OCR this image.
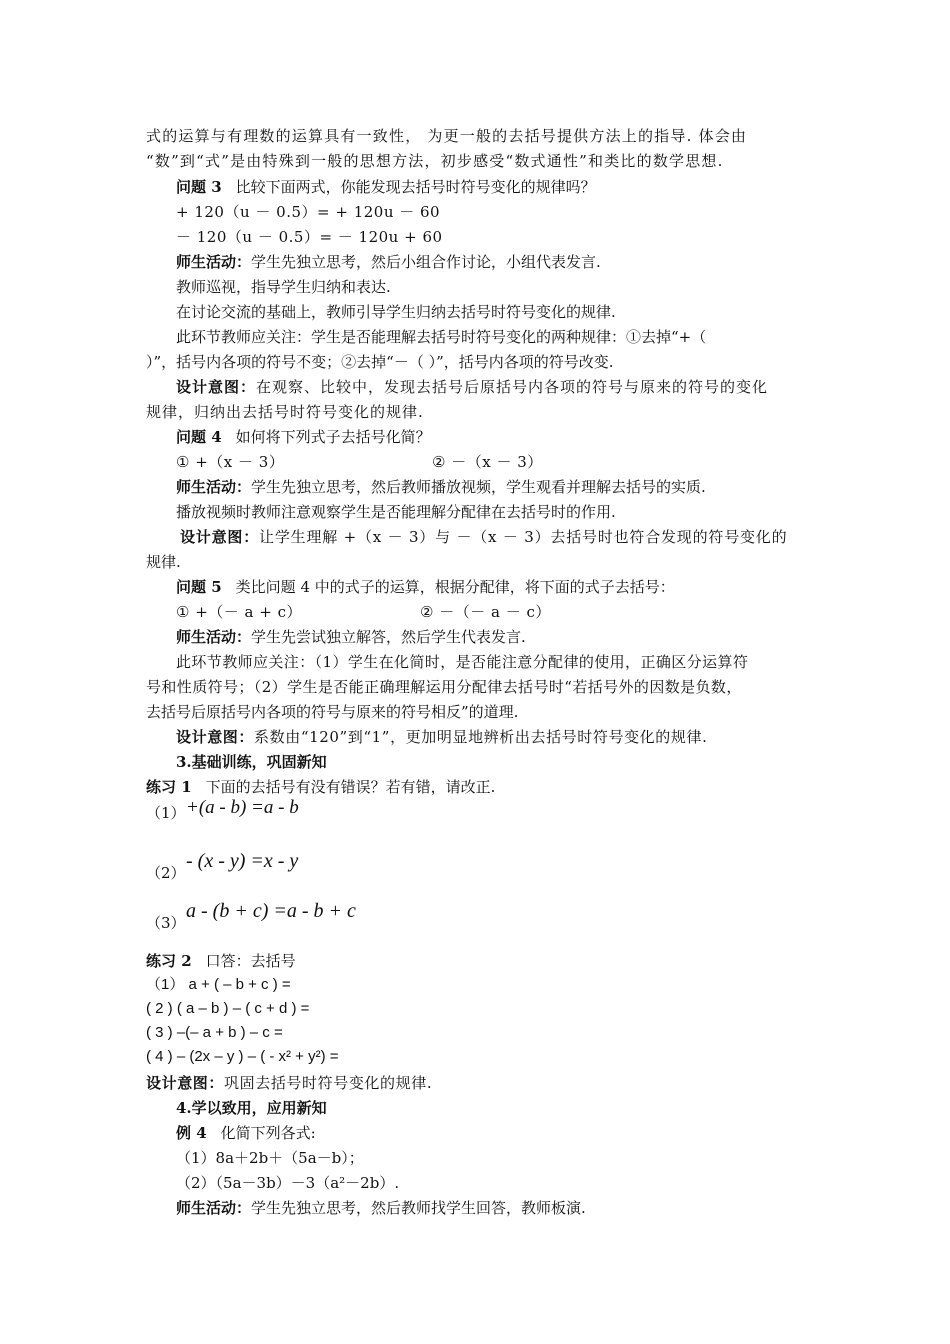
式的运算与有理数的运算具有一致性， 为更一般的去括号提供方法上的指导. 体会由
“数”到“式”是由特殊到一般的思想方法，初步感受“数式通性”和类比的数学思想.
问题 3 比较下面两式，你能发现去括号时符号变化的规律吗？
+ 120（u － 0.5）= + 120u － 60
－ 120（u － 0.5）= － 120u + 60
师生活动：学生先独立思考，然后小组合作讨论，小组代表发言.
教师巡视，指导学生归纳和表达.
在讨论交流的基础上，教师引导学生归纳去括号时符号变化的规律.
此环节教师应关注：学生是否能理解去括号时符号变化的两种规律：①去掉“+（
）”，括号内各项的符号不变；②去掉“－（ ）”，括号内各项的符号改变.
设计意图：在观察、比较中，发现去括号后原括号内各项的符号与原来的符号的变化
规律，归纳出去括号时符号变化的规律.
问题 4 如何将下列式子去括号化简？
① +（x － 3）	② －（x － 3）
师生活动：学生先独立思考，然后教师播放视频，学生观看并理解去括号的实质.
播放视频时教师注意观察学生是否能理解分配律在去括号时的作用.
设计意图：让学生理解 +（x － 3）与 －（x － 3）去括号时也符合发现的符号变化的
规律.
问题 5 类比问题 4 中的式子的运算，根据分配律，将下面的式子去括号：
① +（－ a + c）	② －（－ a － c）
师生活动：学生先尝试独立解答，然后学生代表发言.
此环节教师应关注：（1）学生在化简时，是否能注意分配律的使用，正确区分运算符
号和性质符号；（2）学生是否能正确理解运用分配律去括号时“若括号外的因数是负数，
去括号后原括号内各项的符号与原来的符号相反”的道理.
设计意图：系数由“120”到“1”，更加明显地辨析出去括号时符号变化的规律.
3.基础训练，巩固新知
练习 1 下面的去括号有没有错误？若有错，请改正.
（1） +(a - b) =a - b
（2）
- (x - y) =x - y
（3）
a - (b + c) =a - b + c
练习 2 口答：去括号
（1） a + ( – b + c ) =
( 2 ) ( a – b ) – ( c + d ) =
( 3 ) –(– a + b ) – c =
( 4 ) – (2x – y ) – ( - x² + y²) =
设计意图：巩固去括号时符号变化的规律.
4.学以致用，应用新知
例 4 化简下列各式:
（1）8a＋2b＋（5a－b）；
（2）（5a－3b）－3（a²－2b）.
师生活动：学生先独立思考，然后教师找学生回答，教师板演.
